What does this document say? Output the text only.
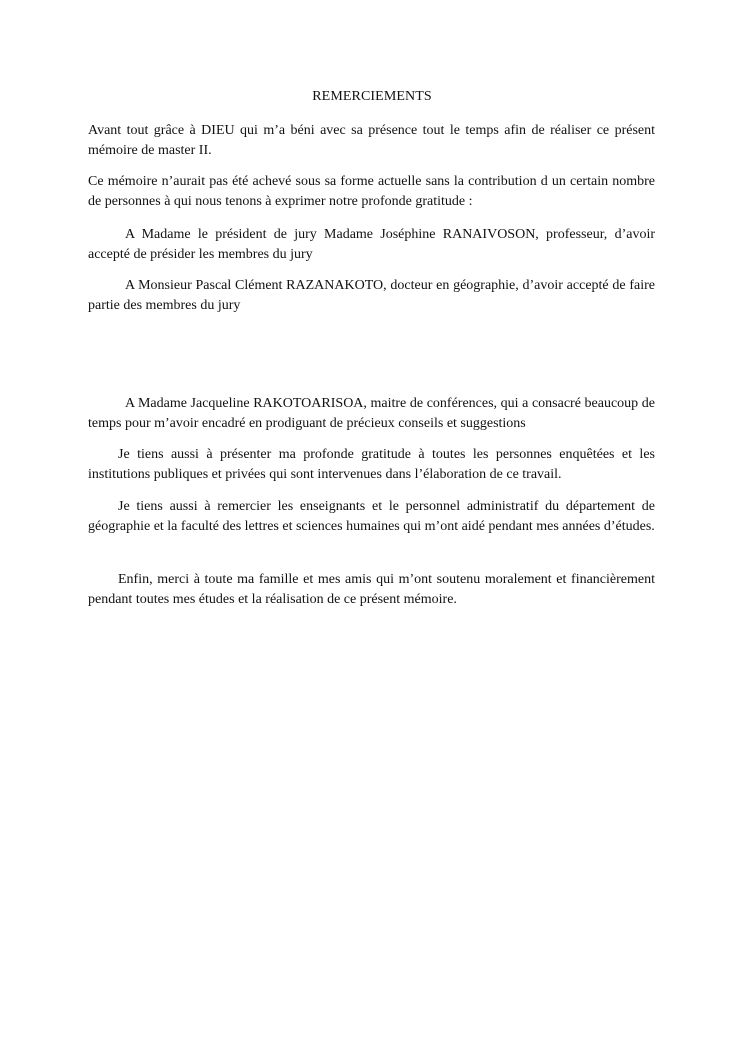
REMERCIEMENTS

Avant tout grâce à DIEU qui m’a béni avec sa présence tout le temps afin de réaliser ce présent mémoire de master II.

Ce mémoire n’aurait pas été achevé sous sa forme actuelle sans la contribution d un certain nombre de personnes à qui nous tenons à exprimer notre profonde gratitude :

A Madame le président de jury Madame Joséphine RANAIVOSON, professeur, d’avoir accepté de présider les membres du jury

A Monsieur Pascal Clément RAZANAKOTO, docteur en géographie, d’avoir accepté de faire partie des membres du jury

A Madame Jacqueline RAKOTOARISOA, maitre de conférences, qui a consacré beaucoup de temps pour m’avoir encadré en prodiguant de précieux conseils et suggestions

Je tiens aussi à présenter ma profonde gratitude à toutes les personnes enquêtées et les institutions publiques et privées qui sont intervenues dans l’élaboration de ce travail.

Je tiens aussi à remercier les enseignants et le personnel administratif du département de géographie et la faculté des lettres et sciences humaines qui m’ont aidé pendant mes années d’études.

Enfin, merci à toute ma famille et mes amis qui m’ont soutenu moralement et financièrement pendant toutes mes études et la réalisation de ce présent mémoire.
